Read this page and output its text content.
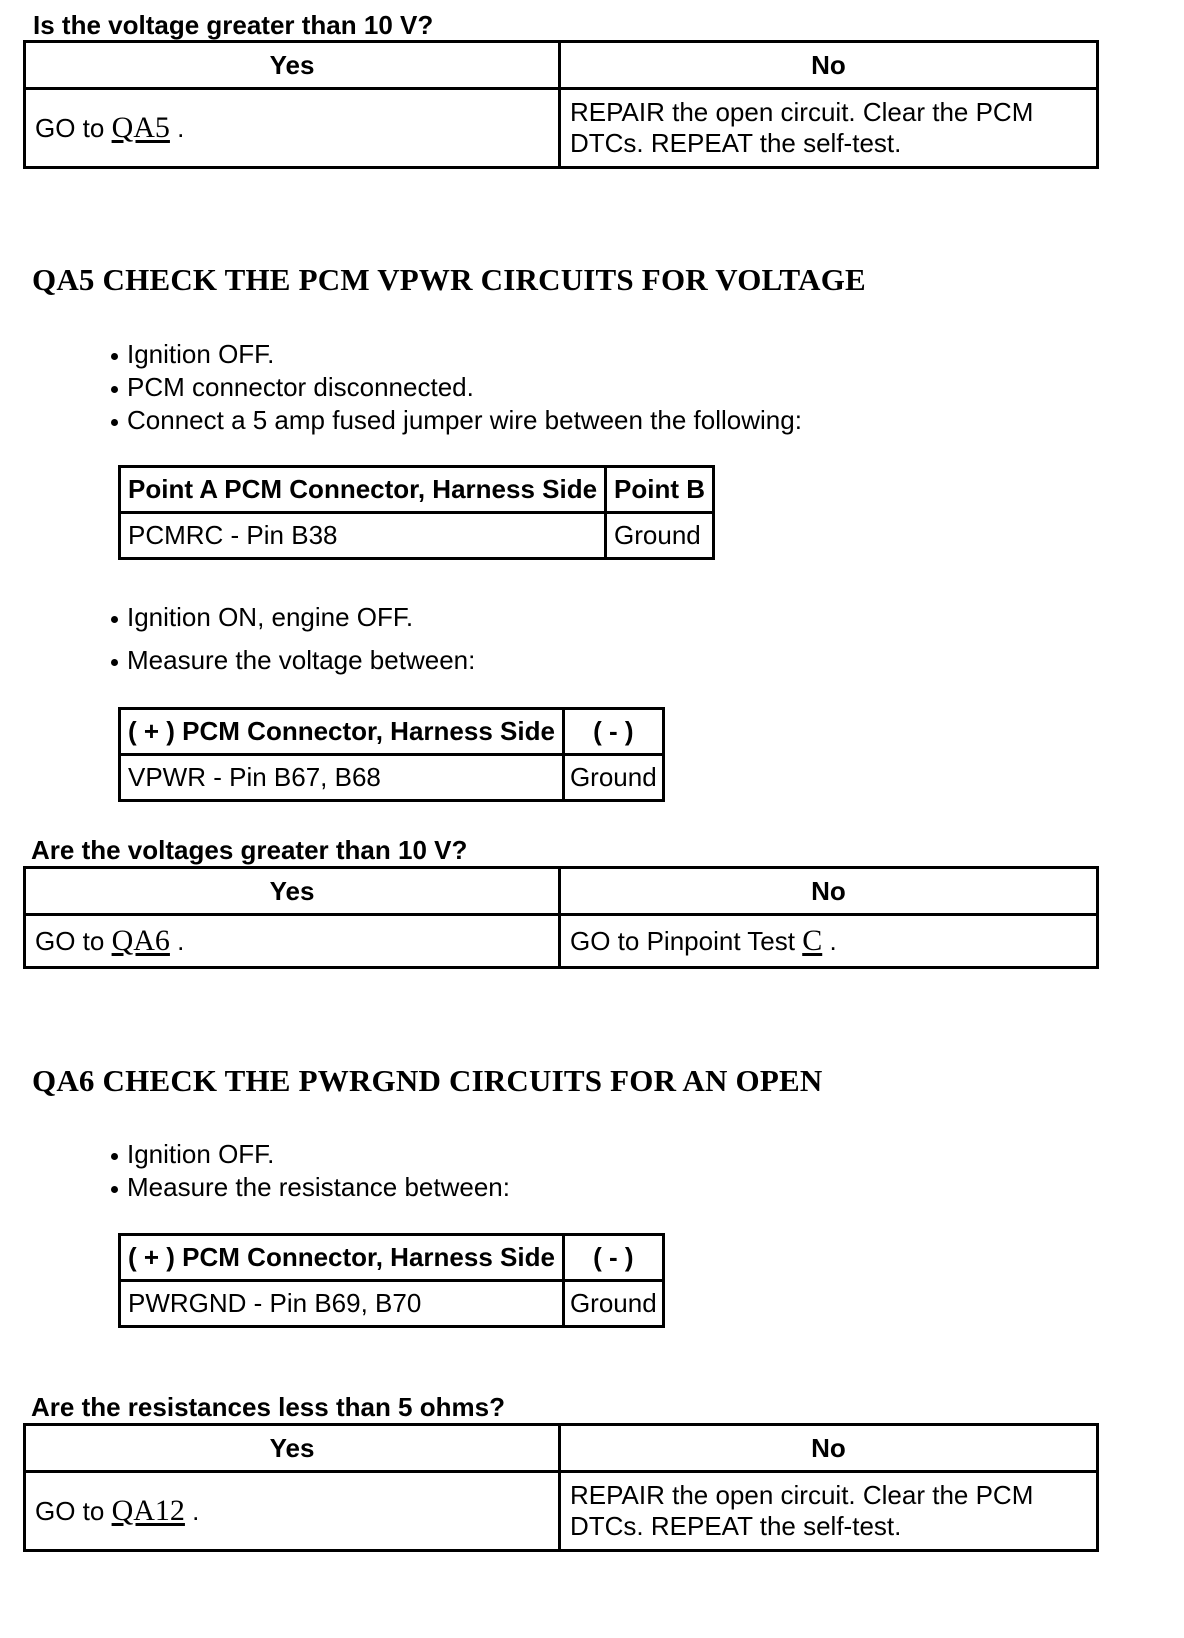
Is the voltage greater than 10 V?
Yes	No
GO to QA5 .	REPAIR the open circuit. Clear the PCM
DTCs. REPEAT the self-test.
QA5 CHECK THE PCM VPWR CIRCUITS FOR VOLTAGE
Ignition OFF.
PCM connector disconnected.
Connect a 5 amp fused jumper wire between the following:
Point A PCM Connector, Harness Side	Point B
PCMRC - Pin B38	Ground
Ignition ON, engine OFF.
Measure the voltage between:
( + ) PCM Connector, Harness Side	( - )
VPWR - Pin B67, B68	Ground
Are the voltages greater than 10 V?
Yes	No
GO to QA6 .	GO to Pinpoint Test C .
QA6 CHECK THE PWRGND CIRCUITS FOR AN OPEN
Ignition OFF.
Measure the resistance between:
( + ) PCM Connector, Harness Side	( - )
PWRGND - Pin B69, B70	Ground
Are the resistances less than 5 ohms?
Yes	No
GO to QA12 .	REPAIR the open circuit. Clear the PCM
DTCs. REPEAT the self-test.
